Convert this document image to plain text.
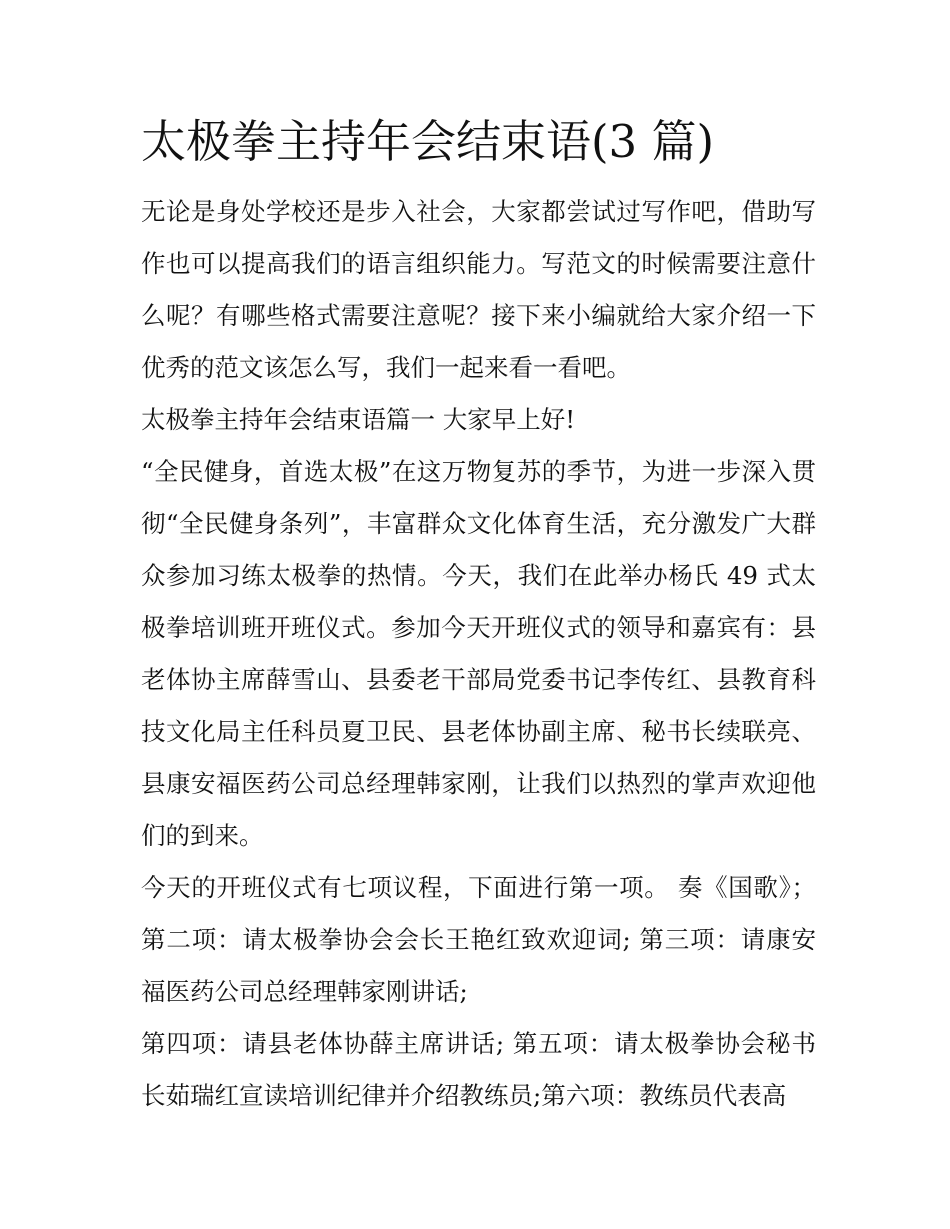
太极拳主持年会结束语(3 篇)

无论是身处学校还是步入社会，大家都尝试过写作吧，借助写作也可以提高我们的语言组织能力。写范文的时候需要注意什么呢？有哪些格式需要注意呢？接下来小编就给大家介绍一下优秀的范文该怎么写，我们一起来看一看吧。

太极拳主持年会结束语篇一 大家早上好!

“全民健身，首选太极”在这万物复苏的季节，为进一步深入贯彻“全民健身条列”，丰富群众文化体育生活，充分激发广大群众参加习练太极拳的热情。今天，我们在此举办杨氏 49 式太极拳培训班开班仪式。参加今天开班仪式的领导和嘉宾有：县老体协主席薛雪山、县委老干部局党委书记李传红、县教育科技文化局主任科员夏卫民、县老体协副主席、秘书长续联亮、县康安福医药公司总经理韩家刚，让我们以热烈的掌声欢迎他们的到来。

今天的开班仪式有七项议程，下面进行第一项。 奏《国歌》；第二项：请太极拳协会会长王艳红致欢迎词; 第三项：请康安福医药公司总经理韩家刚讲话;

第四项：请县老体协薛主席讲话; 第五项：请太极拳协会秘书长茹瑞红宣读培训纪律并介绍教练员;第六项：教练员代表高
